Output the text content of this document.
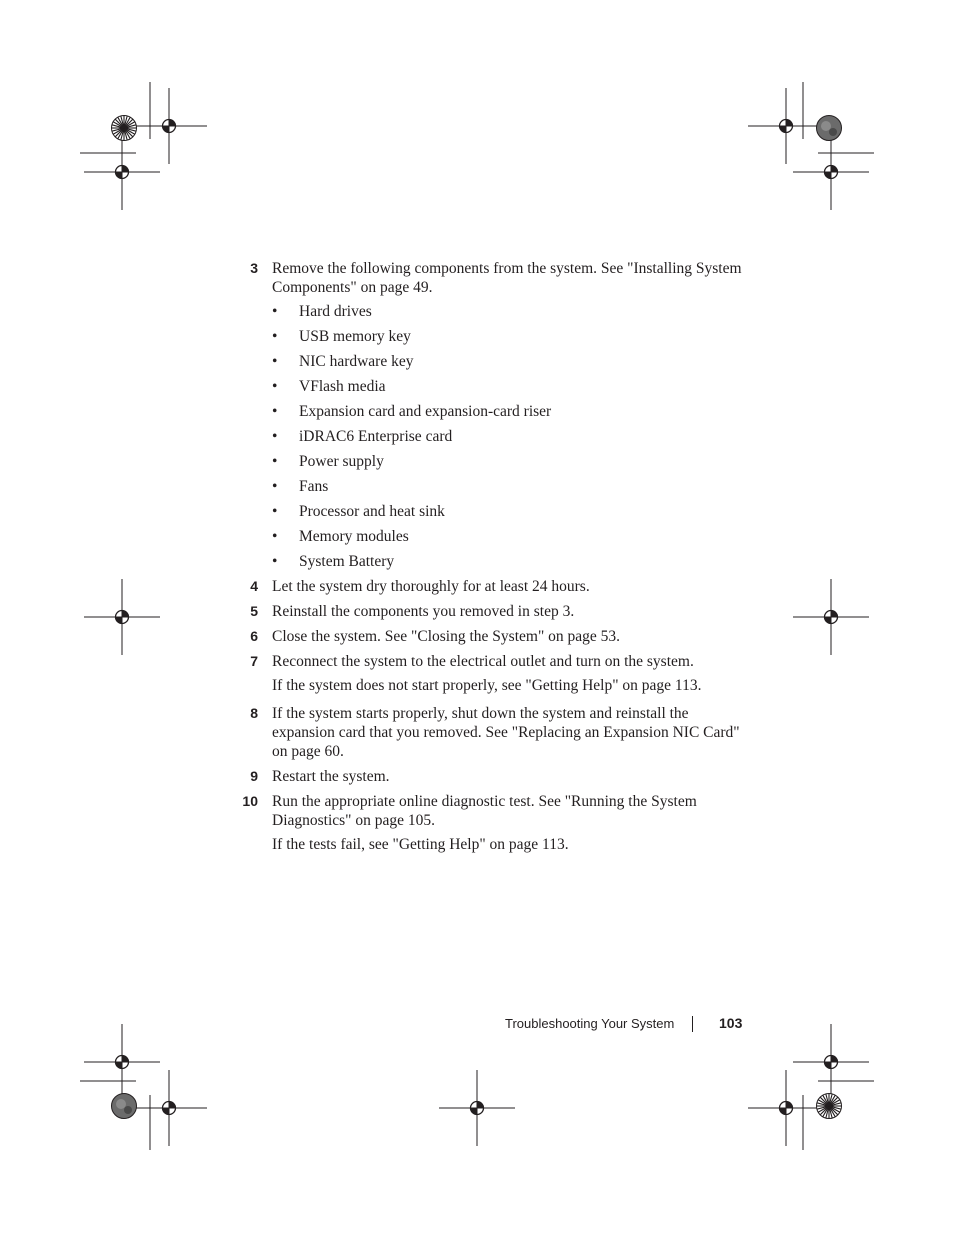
3 Remove the following components from the system. See "Installing System Components" on page 49.
•	Hard drives
•	USB memory key
•	NIC hardware key
•	VFlash media
•	Expansion card and expansion-card riser
•	iDRAC6 Enterprise card
•	Power supply
•	Fans
•	Processor and heat sink
•	Memory modules
•	System Battery
4 Let the system dry thoroughly for at least 24 hours.
5 Reinstall the components you removed in step 3.
6 Close the system. See "Closing the System" on page 53.
7 Reconnect the system to the electrical outlet and turn on the system.
If the system does not start properly, see "Getting Help" on page 113.
8 If the system starts properly, shut down the system and reinstall the expansion card that you removed. See "Replacing an Expansion NIC Card" on page 60.
9 Restart the system.
10 Run the appropriate online diagnostic test. See "Running the System Diagnostics" on page 105.
If the tests fail, see "Getting Help" on page 113.
Troubleshooting Your System	103
